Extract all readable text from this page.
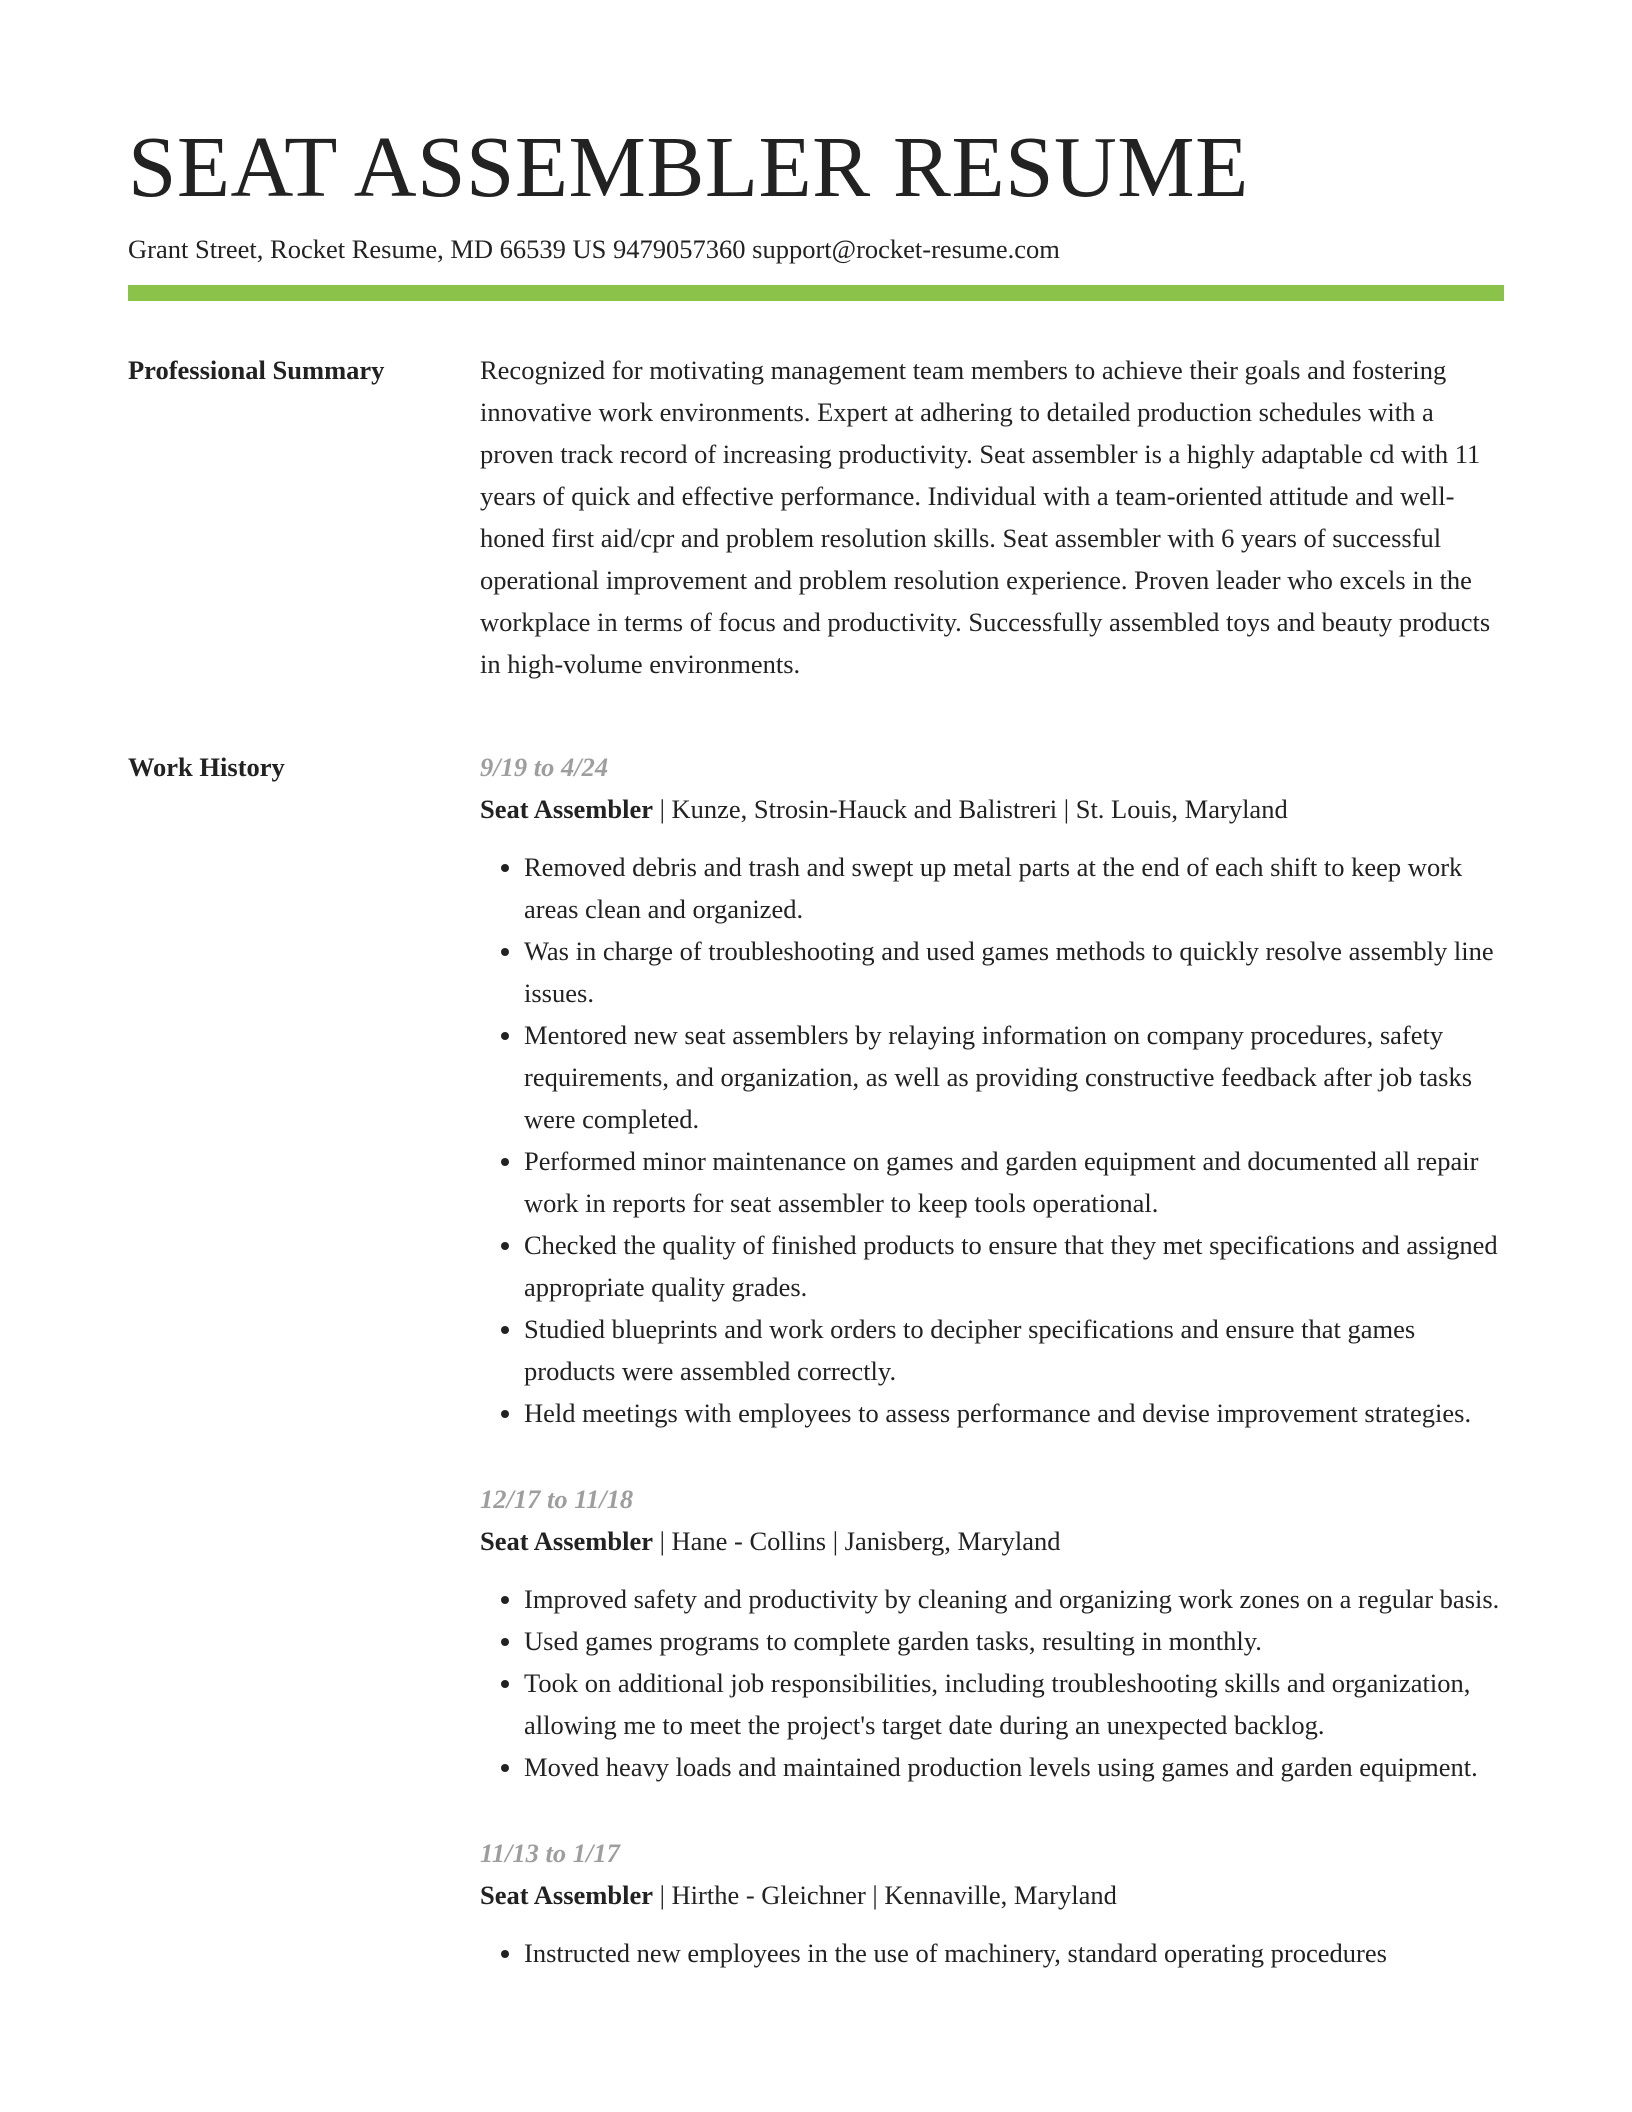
SEAT ASSEMBLER RESUME
Grant Street, Rocket Resume, MD 66539 US 9479057360 support@rocket-resume.com
Professional Summary	Recognized for motivating management team members to achieve their goals and fostering innovative work environments. Expert at adhering to detailed production schedules with a proven track record of increasing productivity. Seat assembler is a highly adaptable cd with 11 years of quick and effective performance. Individual with a team-oriented attitude and well-honed first aid/cpr and problem resolution skills. Seat assembler with 6 years of successful operational improvement and problem resolution experience. Proven leader who excels in the workplace in terms of focus and productivity. Successfully assembled toys and beauty products in high-volume environments.

Work History	9/19 to 4/24
Seat Assembler | Kunze, Strosin-Hauck and Balistreri | St. Louis, Maryland
• Removed debris and trash and swept up metal parts at the end of each shift to keep work areas clean and organized.
• Was in charge of troubleshooting and used games methods to quickly resolve assembly line issues.
• Mentored new seat assemblers by relaying information on company procedures, safety requirements, and organization, as well as providing constructive feedback after job tasks were completed.
• Performed minor maintenance on games and garden equipment and documented all repair work in reports for seat assembler to keep tools operational.
• Checked the quality of finished products to ensure that they met specifications and assigned appropriate quality grades.
• Studied blueprints and work orders to decipher specifications and ensure that games products were assembled correctly.
• Held meetings with employees to assess performance and devise improvement strategies.
12/17 to 11/18
Seat Assembler | Hane - Collins | Janisberg, Maryland
• Improved safety and productivity by cleaning and organizing work zones on a regular basis.
• Used games programs to complete garden tasks, resulting in monthly.
• Took on additional job responsibilities, including troubleshooting skills and organization, allowing me to meet the project's target date during an unexpected backlog.
• Moved heavy loads and maintained production levels using games and garden equipment.
11/13 to 1/17
Seat Assembler | Hirthe - Gleichner | Kennaville, Maryland
• Instructed new employees in the use of machinery, standard operating procedures
